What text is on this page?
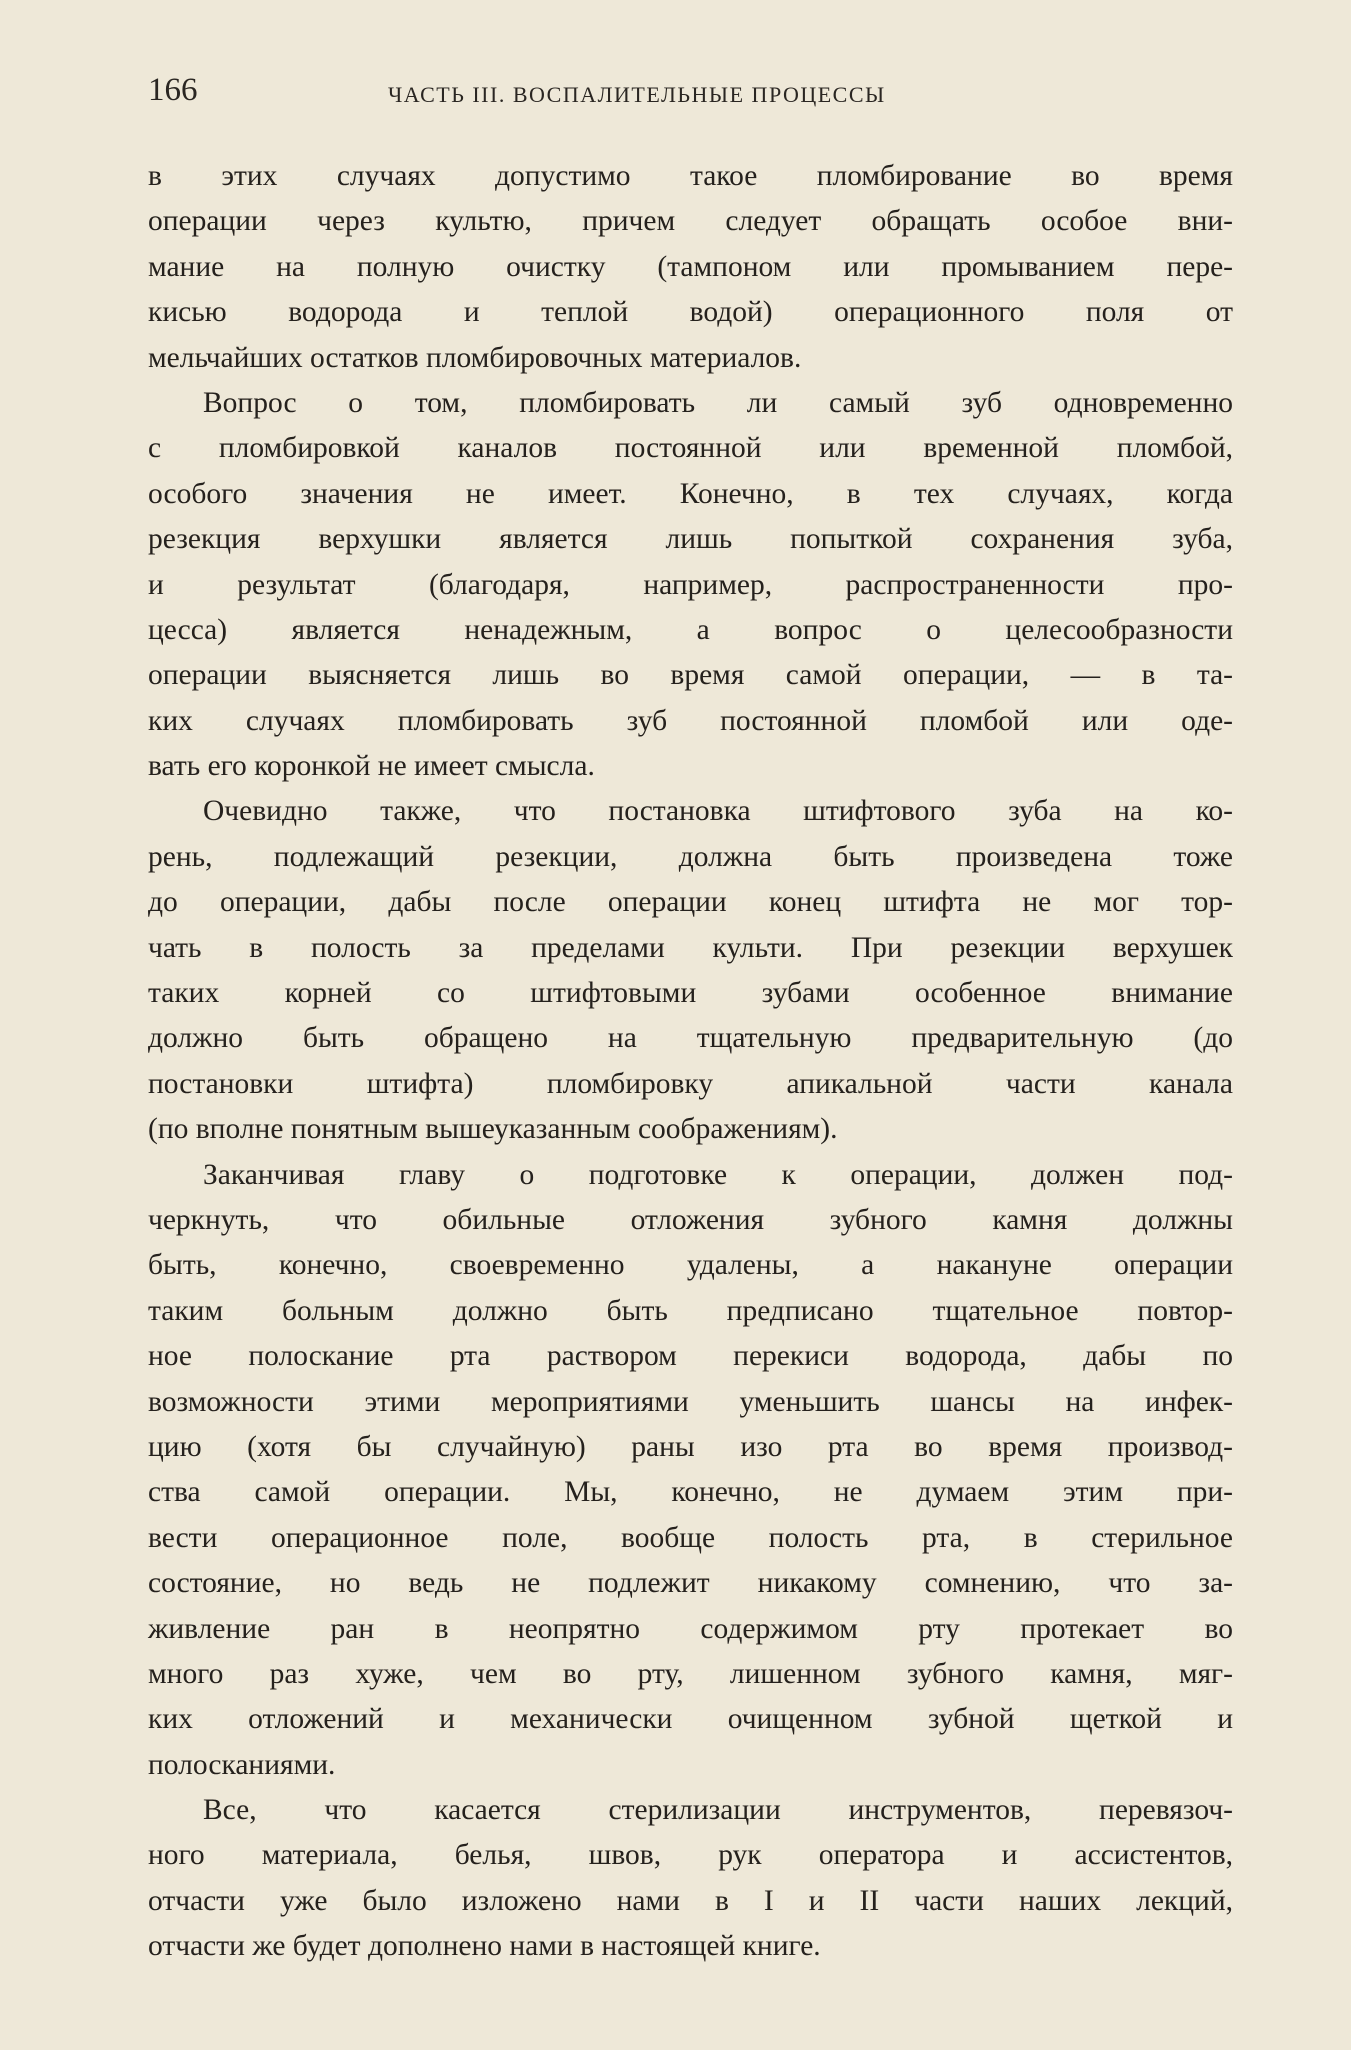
166	ЧАСТЬ III. ВОСПАЛИТЕЛЬНЫЕ ПРОЦЕССЫ
в этих случаях допустимо такое пломбирование во время
операции через культю, причем следует обращать особое вни-
мание на полную очистку (тампоном или промыванием пере-
кисью водорода и теплой водой) операционного поля от
мельчайших остатков пломбировочных материалов.
Вопрос о том, пломбировать ли самый зуб одновременно
с пломбировкой каналов постоянной или временной пломбой,
особого значения не имеет. Конечно, в тех случаях, когда
резекция верхушки является лишь попыткой сохранения зуба,
и результат (благодаря, например, распространенности про-
цесса) является ненадежным, а вопрос о целесообразности
операции выясняется лишь во время самой операции, — в та-
ких случаях пломбировать зуб постоянной пломбой или оде-
вать его коронкой не имеет смысла.
Очевидно также, что постановка штифтового зуба на ко-
рень, подлежащий резекции, должна быть произведена тоже
до операции, дабы после операции конец штифта не мог тор-
чать в полость за пределами культи. При резекции верхушек
таких корней со штифтовыми зубами особенное внимание
должно быть обращено на тщательную предварительную (до
постановки штифта) пломбировку апикальной части канала
(по вполне понятным вышеуказанным соображениям).
Заканчивая главу о подготовке к операции, должен под-
черкнуть, что обильные отложения зубного камня должны
быть, конечно, своевременно удалены, а накануне операции
таким больным должно быть предписано тщательное повтор-
ное полоскание рта раствором перекиси водорода, дабы по
возможности этими мероприятиями уменьшить шансы на инфек-
цию (хотя бы случайную) раны изо рта во время производ-
ства самой операции. Мы, конечно, не думаем этим при-
вести операционное поле, вообще полость рта, в стерильное
состояние, но ведь не подлежит никакому сомнению, что за-
живление ран в неопрятно содержимом рту протекает во
много раз хуже, чем во рту, лишенном зубного камня, мяг-
ких отложений и механически очищенном зубной щеткой и
полосканиями.
Все, что касается стерилизации инструментов, перевязоч-
ного материала, белья, швов, рук оператора и ассистентов,
отчасти уже было изложено нами в I и II части наших лекций,
отчасти же будет дополнено нами в настоящей книге.
